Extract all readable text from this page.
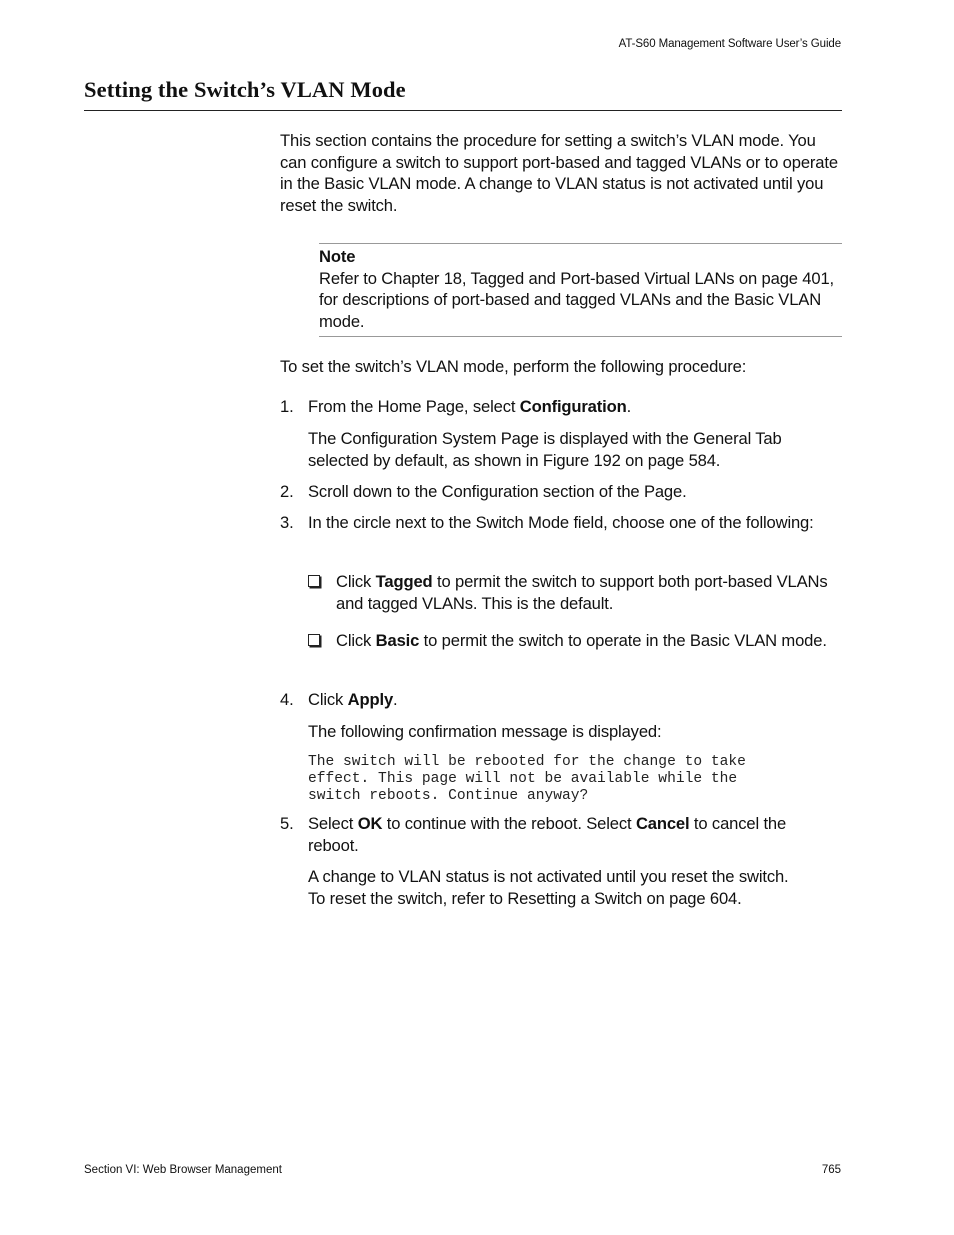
AT-S60 Management Software User’s Guide
Setting the Switch’s VLAN Mode
This section contains the procedure for setting a switch’s VLAN mode. You can configure a switch to support port-based and tagged VLANs or to operate in the Basic VLAN mode. A change to VLAN status is not activated until you reset the switch.
Note
Refer to Chapter 18, Tagged and Port-based Virtual LANs on page 401, for descriptions of port-based and tagged VLANs and the Basic VLAN mode.
To set the switch’s VLAN mode, perform the following procedure:
1. From the Home Page, select Configuration.
The Configuration System Page is displayed with the General Tab selected by default, as shown in Figure 192 on page 584.
2. Scroll down to the Configuration section of the Page.
3. In the circle next to the Switch Mode field, choose one of the following:
Click Tagged to permit the switch to support both port-based VLANs and tagged VLANs. This is the default.
Click Basic to permit the switch to operate in the Basic VLAN mode.
4. Click Apply.
The following confirmation message is displayed:
The switch will be rebooted for the change to take
effect. This page will not be available while the
switch reboots. Continue anyway?
5. Select OK to continue with the reboot. Select Cancel to cancel the reboot.
A change to VLAN status is not activated until you reset the switch. To reset the switch, refer to Resetting a Switch on page 604.
Section VI: Web Browser Management	765
